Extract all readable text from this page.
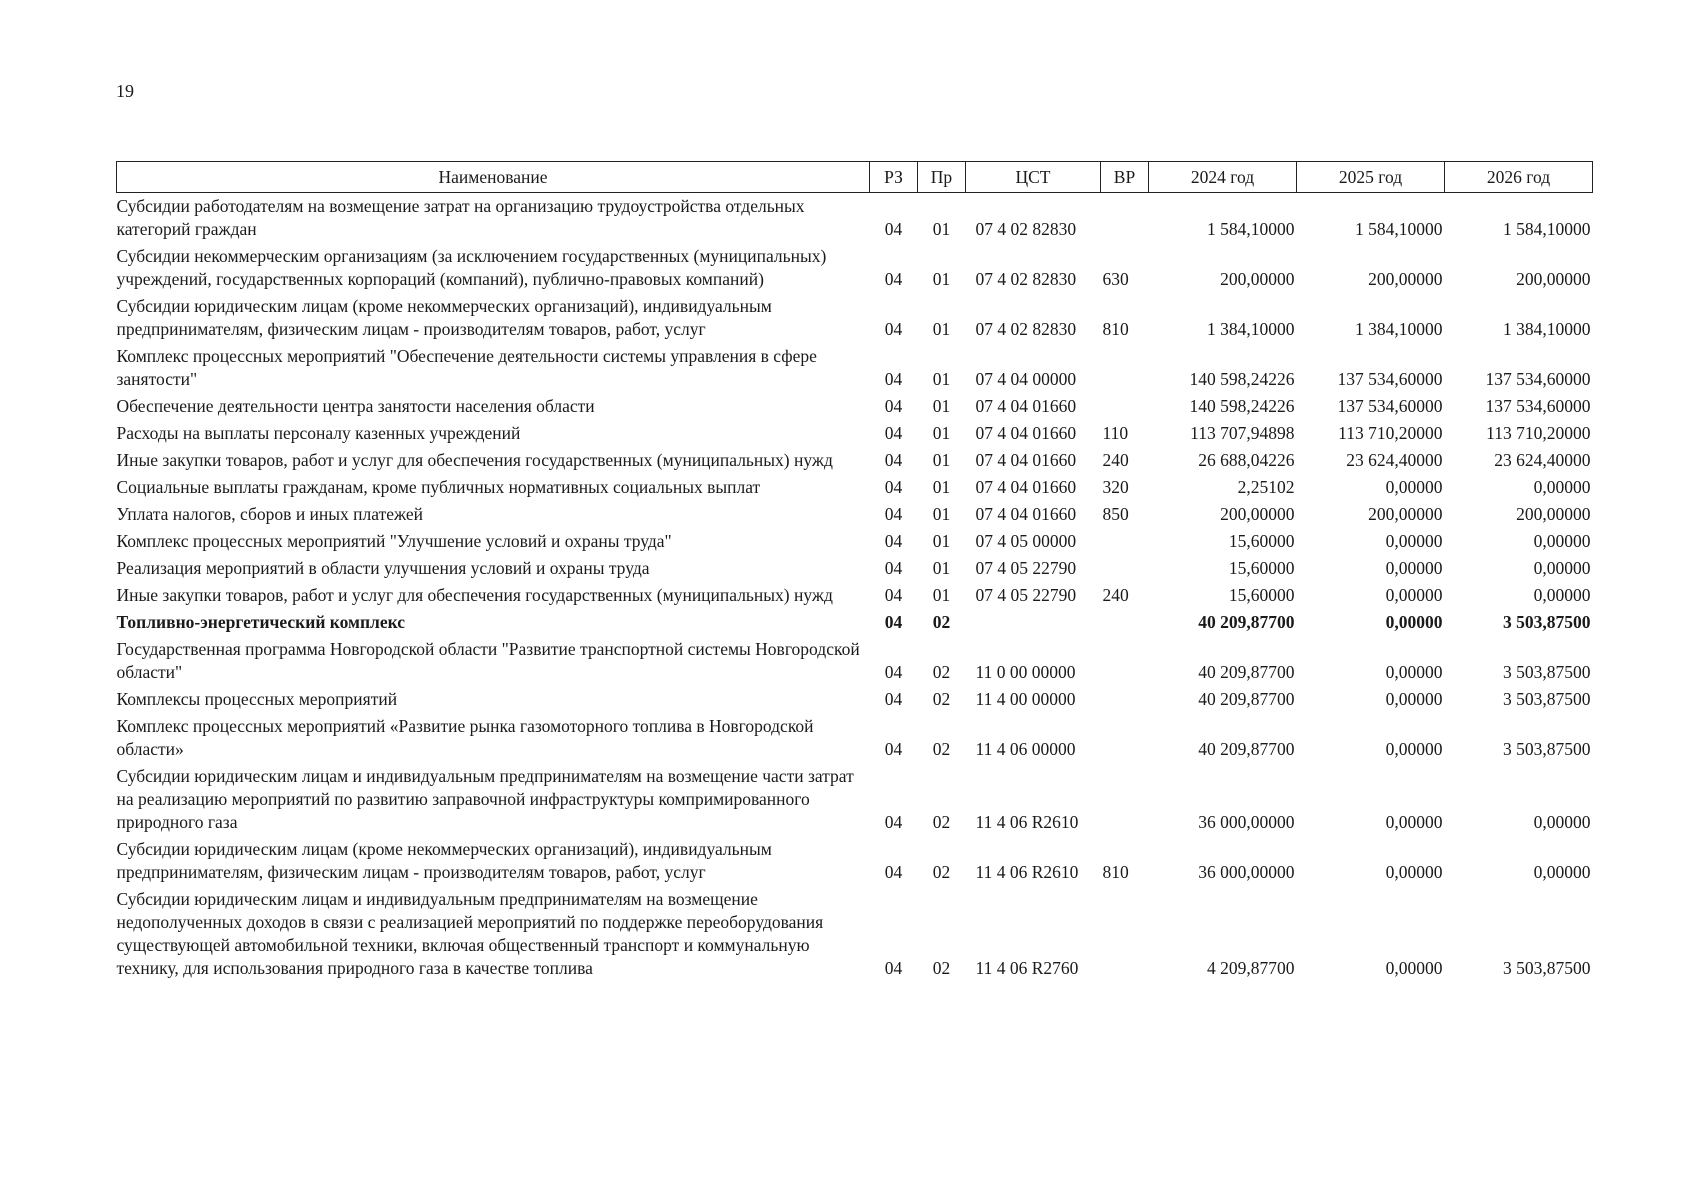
19
Наименование	РЗ	Пр	ЦСТ	ВР	2024 год	2025 год	2026 год
Субсидии работодателям на возмещение затрат на организацию трудоустройства отдельных категорий граждан	04	01	07 4 02 82830		1 584,10000	1 584,10000	1 584,10000
Субсидии некоммерческим организациям (за исключением государственных (муниципальных) учреждений, государственных корпораций (компаний), публично-правовых компаний)	04	01	07 4 02 82830	630	200,00000	200,00000	200,00000
Субсидии юридическим лицам (кроме некоммерческих организаций), индивидуальным предпринимателям, физическим лицам - производителям товаров, работ, услуг	04	01	07 4 02 82830	810	1 384,10000	1 384,10000	1 384,10000
Комплекс процессных мероприятий "Обеспечение деятельности системы управления в сфере занятости"	04	01	07 4 04 00000		140 598,24226	137 534,60000	137 534,60000
Обеспечение деятельности центра занятости населения области	04	01	07 4 04 01660		140 598,24226	137 534,60000	137 534,60000
Расходы на выплаты персоналу казенных учреждений	04	01	07 4 04 01660	110	113 707,94898	113 710,20000	113 710,20000
Иные закупки товаров, работ и услуг для обеспечения государственных (муниципальных) нужд	04	01	07 4 04 01660	240	26 688,04226	23 624,40000	23 624,40000
Социальные выплаты гражданам, кроме публичных нормативных социальных выплат	04	01	07 4 04 01660	320	2,25102	0,00000	0,00000
Уплата налогов, сборов и иных платежей	04	01	07 4 04 01660	850	200,00000	200,00000	200,00000
Комплекс процессных мероприятий "Улучшение условий и охраны труда"	04	01	07 4 05 00000		15,60000	0,00000	0,00000
Реализация мероприятий в области улучшения условий и охраны труда	04	01	07 4 05 22790		15,60000	0,00000	0,00000
Иные закупки товаров, работ и услуг для обеспечения государственных (муниципальных) нужд	04	01	07 4 05 22790	240	15,60000	0,00000	0,00000
Топливно-энергетический комплекс	04	02			40 209,87700	0,00000	3 503,87500
Государственная программа Новгородской области "Развитие транспортной системы Новгородской области"	04	02	11 0 00 00000		40 209,87700	0,00000	3 503,87500
Комплексы процессных мероприятий	04	02	11 4 00 00000		40 209,87700	0,00000	3 503,87500
Комплекс процессных мероприятий «Развитие рынка газомоторного топлива в Новгородской области»	04	02	11 4 06 00000		40 209,87700	0,00000	3 503,87500
Субсидии юридическим лицам и индивидуальным предпринимателям на возмещение части затрат на реализацию мероприятий по развитию заправочной инфраструктуры компримированного природного газа	04	02	11 4 06 R2610		36 000,00000	0,00000	0,00000
Субсидии юридическим лицам (кроме некоммерческих организаций), индивидуальным предпринимателям, физическим лицам - производителям товаров, работ, услуг	04	02	11 4 06 R2610	810	36 000,00000	0,00000	0,00000
Субсидии юридическим лицам и индивидуальным предпринимателям на возмещение недополученных доходов в связи с реализацией мероприятий по поддержке переоборудования существующей автомобильной техники, включая общественный транспорт и коммунальную технику, для использования природного газа в качестве топлива	04	02	11 4 06 R2760		4 209,87700	0,00000	3 503,87500
